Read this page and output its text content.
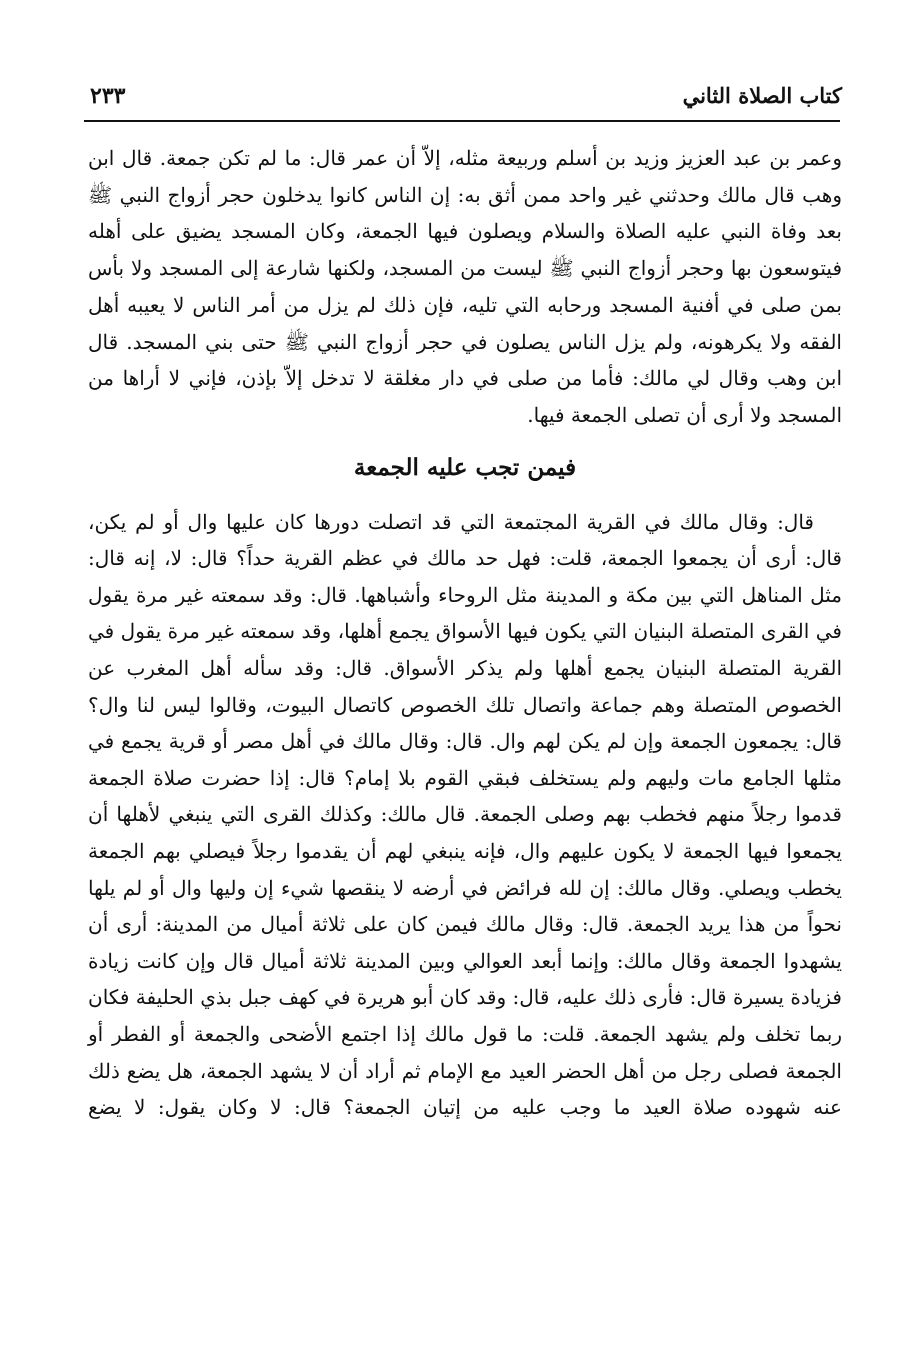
كتاب الصلاة الثاني
٢٣٣

وعمر بن عبد العزيز وزيد بن أسلم وربيعة مثله، إلاّ أن عمر قال: ما لم تكن جمعة. قال ابن وهب قال مالك وحدثني غير واحد ممن أثق به: إن الناس كانوا يدخلون حجر أزواج النبي ﷺ بعد وفاة النبي عليه الصلاة والسلام ويصلون فيها الجمعة، وكان المسجد يضيق على أهله فيتوسعون بها وحجر أزواج النبي ﷺ ليست من المسجد، ولكنها شارعة إلى المسجد ولا بأس بمن صلى في أفنية المسجد ورحابه التي تليه، فإن ذلك لم يزل من أمر الناس لا يعيبه أهل الفقه ولا يكرهونه، ولم يزل الناس يصلون في حجر أزواج النبي ﷺ حتى بني المسجد. قال ابن وهب وقال لي مالك: فأما من صلى في دار مغلقة لا تدخل إلاّ بإذن، فإني لا أراها من المسجد ولا أرى أن تصلى الجمعة فيها.

فيمن تجب عليه الجمعة

قال: وقال مالك في القرية المجتمعة التي قد اتصلت دورها كان عليها وال أو لم يكن، قال: أرى أن يجمعوا الجمعة، قلت: فهل حد مالك في عظم القرية حداً؟ قال: لا، إنه قال: مثل المناهل التي بين مكة و المدينة مثل الروحاء وأشباهها. قال: وقد سمعته غير مرة يقول في القرى المتصلة البنيان التي يكون فيها الأسواق يجمع أهلها، وقد سمعته غير مرة يقول في القرية المتصلة البنيان يجمع أهلها ولم يذكر الأسواق. قال: وقد سأله أهل المغرب عن الخصوص المتصلة وهم جماعة واتصال تلك الخصوص كاتصال البيوت، وقالوا ليس لنا وال؟ قال: يجمعون الجمعة وإن لم يكن لهم وال. قال: وقال مالك في أهل مصر أو قرية يجمع في مثلها الجامع مات وليهم ولم يستخلف فبقي القوم بلا إمام؟ قال: إذا حضرت صلاة الجمعة قدموا رجلاً منهم فخطب بهم وصلى الجمعة. قال مالك: وكذلك القرى التي ينبغي لأهلها أن يجمعوا فيها الجمعة لا يكون عليهم وال، فإنه ينبغي لهم أن يقدموا رجلاً فيصلي بهم الجمعة يخطب ويصلي. وقال مالك: إن لله فرائض في أرضه لا ينقصها شيء إن وليها وال أو لم يلها نحواً من هذا يريد الجمعة. قال: وقال مالك فيمن كان على ثلاثة أميال من المدينة: أرى أن يشهدوا الجمعة وقال مالك: وإنما أبعد العوالي وبين المدينة ثلاثة أميال قال وإن كانت زيادة فزيادة يسيرة قال: فأرى ذلك عليه، قال: وقد كان أبو هريرة في كهف جبل بذي الحليفة فكان ربما تخلف ولم يشهد الجمعة. قلت: ما قول مالك إذا اجتمع الأضحى والجمعة أو الفطر أو الجمعة فصلى رجل من أهل الحضر العيد مع الإمام ثم أراد أن لا يشهد الجمعة، هل يضع ذلك عنه شهوده صلاة العيد ما وجب عليه من إتيان الجمعة؟ قال: لا وكان يقول: لا يضع
